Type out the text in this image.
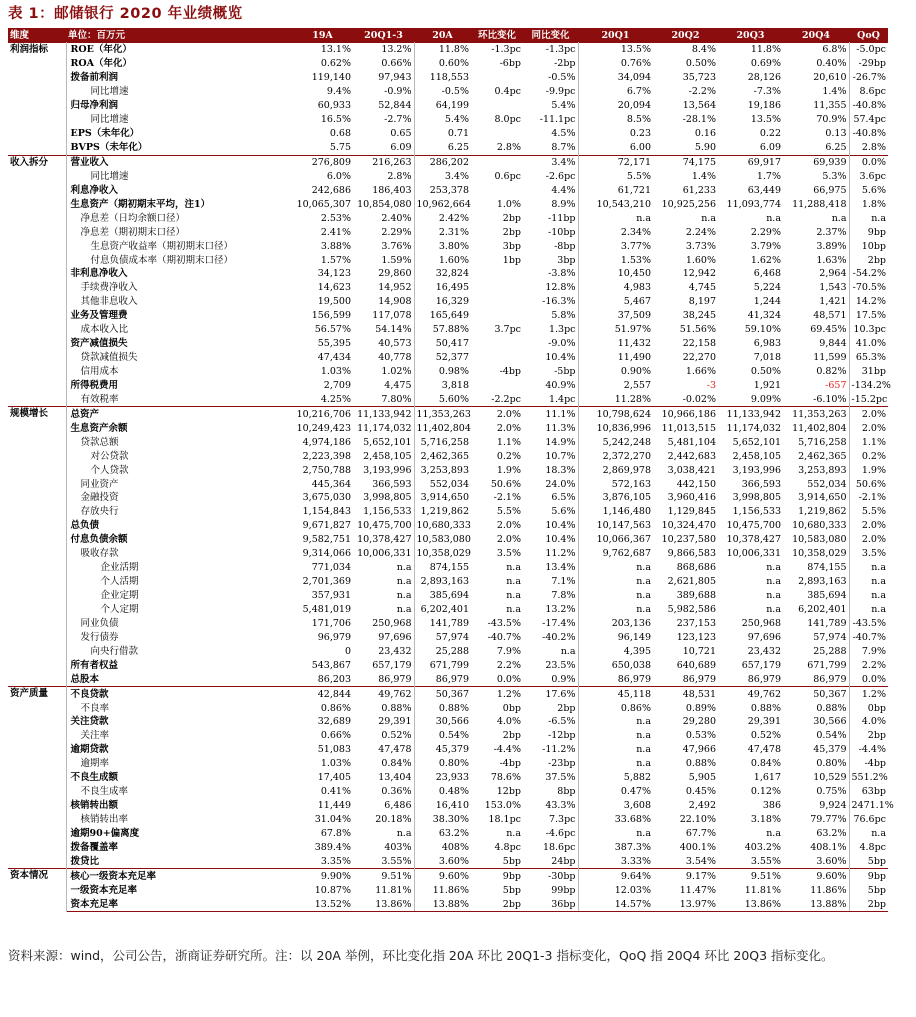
表 1：邮储银行 2020 年业绩概览
维度	单位：百万元	19A	20Q1-3	20A	环比变化	同比变化	20Q1	20Q2	20Q3	20Q4	QoQ
利润指标	ROE（年化）	13.1%	13.2%	11.8%	-1.3pc	-1.3pc	13.5%	8.4%	11.8%	6.8%	-5.0pc
	ROA（年化）	0.62%	0.66%	0.60%	-6bp	-2bp	0.76%	0.50%	0.69%	0.40%	-29bp
	拨备前利润	119,140	97,943	118,553		-0.5%	34,094	35,723	28,126	20,610	-26.7%
	同比增速	9.4%	-0.9%	-0.5%	0.4pc	-9.9pc	6.7%	-2.2%	-7.3%	1.4%	8.6pc
	归母净利润	60,933	52,844	64,199		5.4%	20,094	13,564	19,186	11,355	-40.8%
	同比增速	16.5%	-2.7%	5.4%	8.0pc	-11.1pc	8.5%	-28.1%	13.5%	70.9%	57.4pc
	EPS（未年化）	0.68	0.65	0.71		4.5%	0.23	0.16	0.22	0.13	-40.8%
	BVPS（未年化）	5.75	6.09	6.25	2.8%	8.7%	6.00	5.90	6.09	6.25	2.8%
收入拆分	营业收入	276,809	216,263	286,202		3.4%	72,171	74,175	69,917	69,939	0.0%
	同比增速	6.0%	2.8%	3.4%	0.6pc	-2.6pc	5.5%	1.4%	1.7%	5.3%	3.6pc
	利息净收入	242,686	186,403	253,378		4.4%	61,721	61,233	63,449	66,975	5.6%
	生息资产（期初期末平均，注1）	10,065,307	10,854,080	10,962,664	1.0%	8.9%	10,543,210	10,925,256	11,093,774	11,288,418	1.8%
	净息差（日均余额口径）	2.53%	2.40%	2.42%	2bp	-11bp	n.a	n.a	n.a	n.a	n.a
	净息差（期初期末口径）	2.41%	2.29%	2.31%	2bp	-10bp	2.34%	2.24%	2.29%	2.37%	9bp
	生息资产收益率（期初期末口径）	3.88%	3.76%	3.80%	3bp	-8bp	3.77%	3.73%	3.79%	3.89%	10bp
	付息负债成本率（期初期末口径）	1.57%	1.59%	1.60%	1bp	3bp	1.53%	1.60%	1.62%	1.63%	2bp
	非利息净收入	34,123	29,860	32,824		-3.8%	10,450	12,942	6,468	2,964	-54.2%
	手续费净收入	14,623	14,952	16,495		12.8%	4,983	4,745	5,224	1,543	-70.5%
	其他非息收入	19,500	14,908	16,329		-16.3%	5,467	8,197	1,244	1,421	14.2%
	业务及管理费	156,599	117,078	165,649		5.8%	37,509	38,245	41,324	48,571	17.5%
	成本收入比	56.57%	54.14%	57.88%	3.7pc	1.3pc	51.97%	51.56%	59.10%	69.45%	10.3pc
	资产减值损失	55,395	40,573	50,417		-9.0%	11,432	22,158	6,983	9,844	41.0%
	贷款减值损失	47,434	40,778	52,377		10.4%	11,490	22,270	7,018	11,599	65.3%
	信用成本	1.03%	1.02%	0.98%	-4bp	-5bp	0.90%	1.66%	0.50%	0.82%	31bp
	所得税费用	2,709	4,475	3,818		40.9%	2,557	-3	1,921	-657	-134.2%
	有效税率	4.25%	7.80%	5.60%	-2.2pc	1.4pc	11.28%	-0.02%	9.09%	-6.10%	-15.2pc
规模增长	总资产	10,216,706	11,133,942	11,353,263	2.0%	11.1%	10,798,624	10,966,186	11,133,942	11,353,263	2.0%
	生息资产余额	10,249,423	11,174,032	11,402,804	2.0%	11.3%	10,836,996	11,013,515	11,174,032	11,402,804	2.0%
	贷款总额	4,974,186	5,652,101	5,716,258	1.1%	14.9%	5,242,248	5,481,104	5,652,101	5,716,258	1.1%
	对公贷款	2,223,398	2,458,105	2,462,365	0.2%	10.7%	2,372,270	2,442,683	2,458,105	2,462,365	0.2%
	个人贷款	2,750,788	3,193,996	3,253,893	1.9%	18.3%	2,869,978	3,038,421	3,193,996	3,253,893	1.9%
	同业资产	445,364	366,593	552,034	50.6%	24.0%	572,163	442,150	366,593	552,034	50.6%
	金融投资	3,675,030	3,998,805	3,914,650	-2.1%	6.5%	3,876,105	3,960,416	3,998,805	3,914,650	-2.1%
	存放央行	1,154,843	1,156,533	1,219,862	5.5%	5.6%	1,146,480	1,129,845	1,156,533	1,219,862	5.5%
	总负债	9,671,827	10,475,700	10,680,333	2.0%	10.4%	10,147,563	10,324,470	10,475,700	10,680,333	2.0%
	付息负债余额	9,582,751	10,378,427	10,583,080	2.0%	10.4%	10,066,367	10,237,580	10,378,427	10,583,080	2.0%
	吸收存款	9,314,066	10,006,331	10,358,029	3.5%	11.2%	9,762,687	9,866,583	10,006,331	10,358,029	3.5%
	企业活期	771,034	n.a	874,155	n.a	13.4%	n.a	868,686	n.a	874,155	n.a
	个人活期	2,701,369	n.a	2,893,163	n.a	7.1%	n.a	2,621,805	n.a	2,893,163	n.a
	企业定期	357,931	n.a	385,694	n.a	7.8%	n.a	389,688	n.a	385,694	n.a
	个人定期	5,481,019	n.a	6,202,401	n.a	13.2%	n.a	5,982,586	n.a	6,202,401	n.a
	同业负债	171,706	250,968	141,789	-43.5%	-17.4%	203,136	237,153	250,968	141,789	-43.5%
	发行债券	96,979	97,696	57,974	-40.7%	-40.2%	96,149	123,123	97,696	57,974	-40.7%
	向央行借款	0	23,432	25,288	7.9%	n.a	4,395	10,721	23,432	25,288	7.9%
	所有者权益	543,867	657,179	671,799	2.2%	23.5%	650,038	640,689	657,179	671,799	2.2%
	总股本	86,203	86,979	86,979	0.0%	0.9%	86,979	86,979	86,979	86,979	0.0%
资产质量	不良贷款	42,844	49,762	50,367	1.2%	17.6%	45,118	48,531	49,762	50,367	1.2%
	不良率	0.86%	0.88%	0.88%	0bp	2bp	0.86%	0.89%	0.88%	0.88%	0bp
	关注贷款	32,689	29,391	30,566	4.0%	-6.5%	n.a	29,280	29,391	30,566	4.0%
	关注率	0.66%	0.52%	0.54%	2bp	-12bp	n.a	0.53%	0.52%	0.54%	2bp
	逾期贷款	51,083	47,478	45,379	-4.4%	-11.2%	n.a	47,966	47,478	45,379	-4.4%
	逾期率	1.03%	0.84%	0.80%	-4bp	-23bp	n.a	0.88%	0.84%	0.80%	-4bp
	不良生成额	17,405	13,404	23,933	78.6%	37.5%	5,882	5,905	1,617	10,529	551.2%
	不良生成率	0.41%	0.36%	0.48%	12bp	8bp	0.47%	0.45%	0.12%	0.75%	63bp
	核销转出额	11,449	6,486	16,410	153.0%	43.3%	3,608	2,492	386	9,924	2471.1%
	核销转出率	31.04%	20.18%	38.30%	18.1pc	7.3pc	33.68%	22.10%	3.18%	79.77%	76.6pc
	逾期90+偏离度	67.8%	n.a	63.2%	n.a	-4.6pc	n.a	67.7%	n.a	63.2%	n.a
	拨备覆盖率	389.4%	403%	408%	4.8pc	18.6pc	387.3%	400.1%	403.2%	408.1%	4.8pc
	拨贷比	3.35%	3.55%	3.60%	5bp	24bp	3.33%	3.54%	3.55%	3.60%	5bp
资本情况	核心一级资本充足率	9.90%	9.51%	9.60%	9bp	-30bp	9.64%	9.17%	9.51%	9.60%	9bp
	一级资本充足率	10.87%	11.81%	11.86%	5bp	99bp	12.03%	11.47%	11.81%	11.86%	5bp
	资本充足率	13.52%	13.86%	13.88%	2bp	36bp	14.57%	13.97%	13.86%	13.88%	2bp
资料来源：wind，公司公告，浙商证券研究所。注：以 20A 举例，环比变化指 20A 环比 20Q1-3 指标变化，QoQ 指 20Q4 环比 20Q3 指标变化。
